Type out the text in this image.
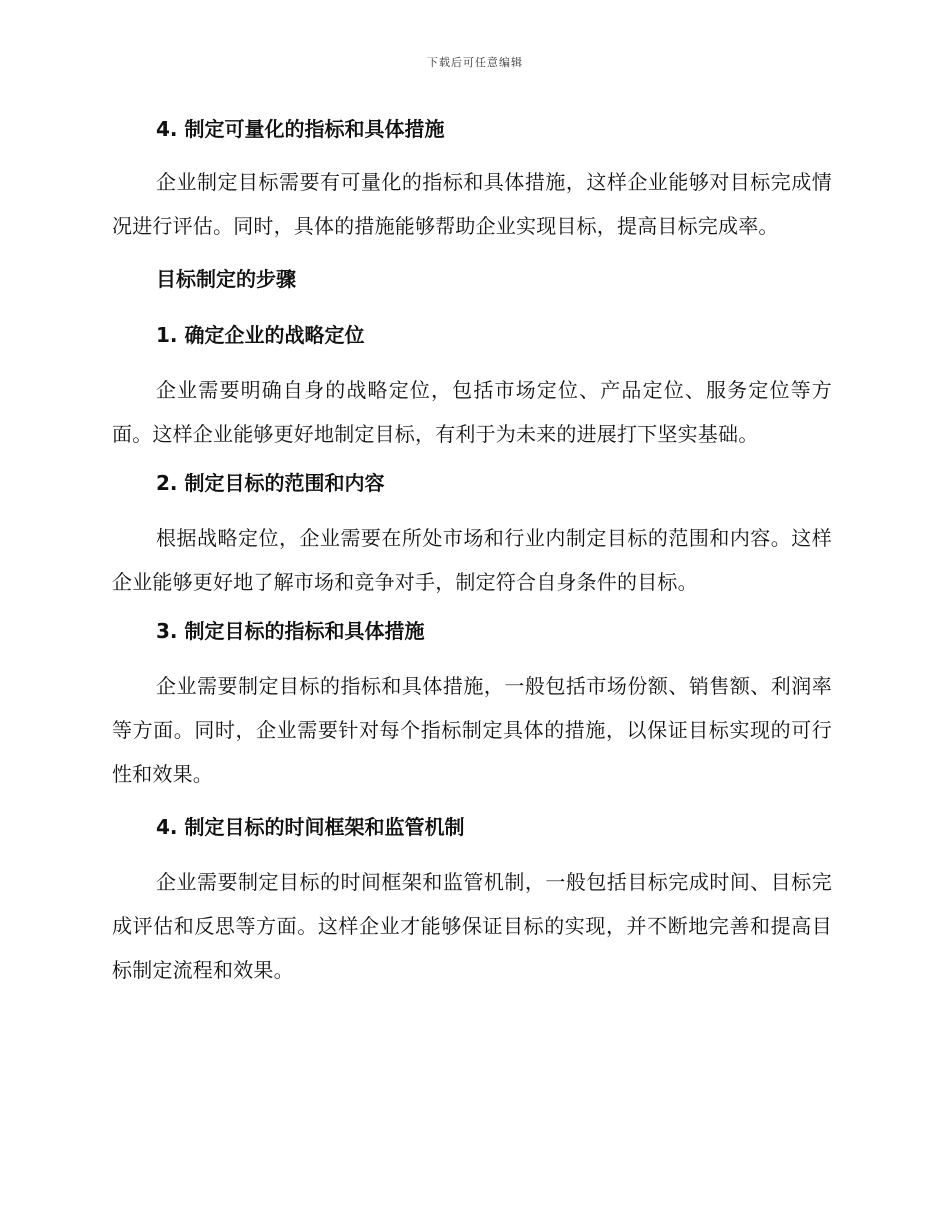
下载后可任意编辑

4. 制定可量化的指标和具体措施

企业制定目标需要有可量化的指标和具体措施，这样企业能够对目标完成情况进行评估。同时，具体的措施能够帮助企业实现目标，提高目标完成率。

目标制定的步骤

1. 确定企业的战略定位

企业需要明确自身的战略定位，包括市场定位、产品定位、服务定位等方面。这样企业能够更好地制定目标，有利于为未来的进展打下坚实基础。

2. 制定目标的范围和内容

根据战略定位，企业需要在所处市场和行业内制定目标的范围和内容。这样企业能够更好地了解市场和竞争对手，制定符合自身条件的目标。

3. 制定目标的指标和具体措施

企业需要制定目标的指标和具体措施，一般包括市场份额、销售额、利润率等方面。同时，企业需要针对每个指标制定具体的措施，以保证目标实现的可行性和效果。

4. 制定目标的时间框架和监管机制

企业需要制定目标的时间框架和监管机制，一般包括目标完成时间、目标完成评估和反思等方面。这样企业才能够保证目标的实现，并不断地完善和提高目标制定流程和效果。
